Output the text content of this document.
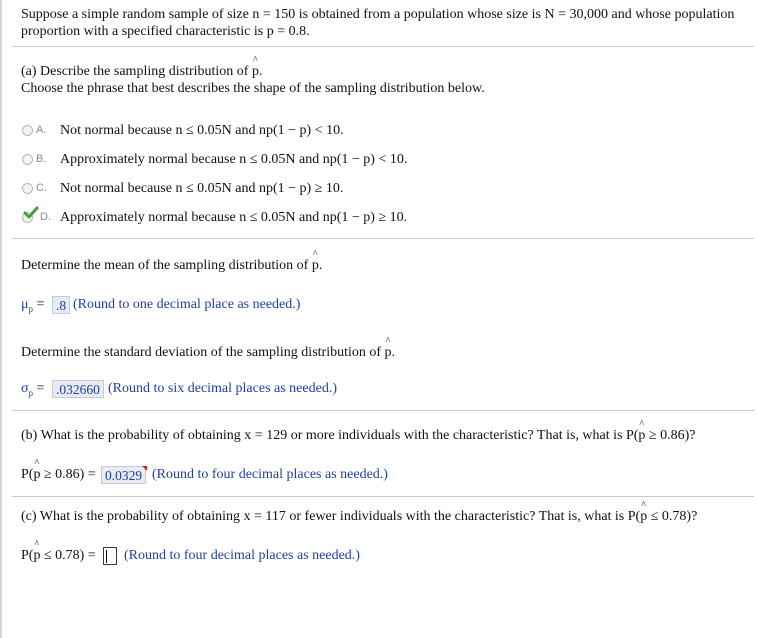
Suppose a simple random sample of size n = 150 is obtained from a population whose size is N = 30,000 and whose population
proportion with a specified characteristic is p = 0.8.
(a) Describe the sampling distribution of
^
p.
Choose the phrase that best describes the shape of the sampling distribution below.
A. Not normal because n ≤ 0.05N and np(1 − p) < 10.
B. Approximately normal because n ≤ 0.05N and np(1 − p) < 10.
C. Not normal because n ≤ 0.05N and np(1 − p) ≥ 10.
D. Approximately normal because n ≤ 0.05N and np(1 − p) ≥ 10.
Determine the mean of the sampling distribution of
^
p.
$\mu_p = .8$ (Round to one decimal place as needed.)
Determine the standard deviation of the sampling distribution of
^
p.
$\sigma_p = .032660$ (Round to six decimal places as needed.)
(b) What is the probability of obtaining x = 129 or more individuals with the characteristic? That is, what is P(
^
p ≥ 0.86)?
P(
^
p ≥ 0.86) = 0.0329 (Round to four decimal places as needed.)
(c) What is the probability of obtaining x = 117 or fewer individuals with the characteristic? That is, what is P(
^
p ≤ 0.78)?
P(
^
p ≤ 0.78) = (Round to four decimal places as needed.)
